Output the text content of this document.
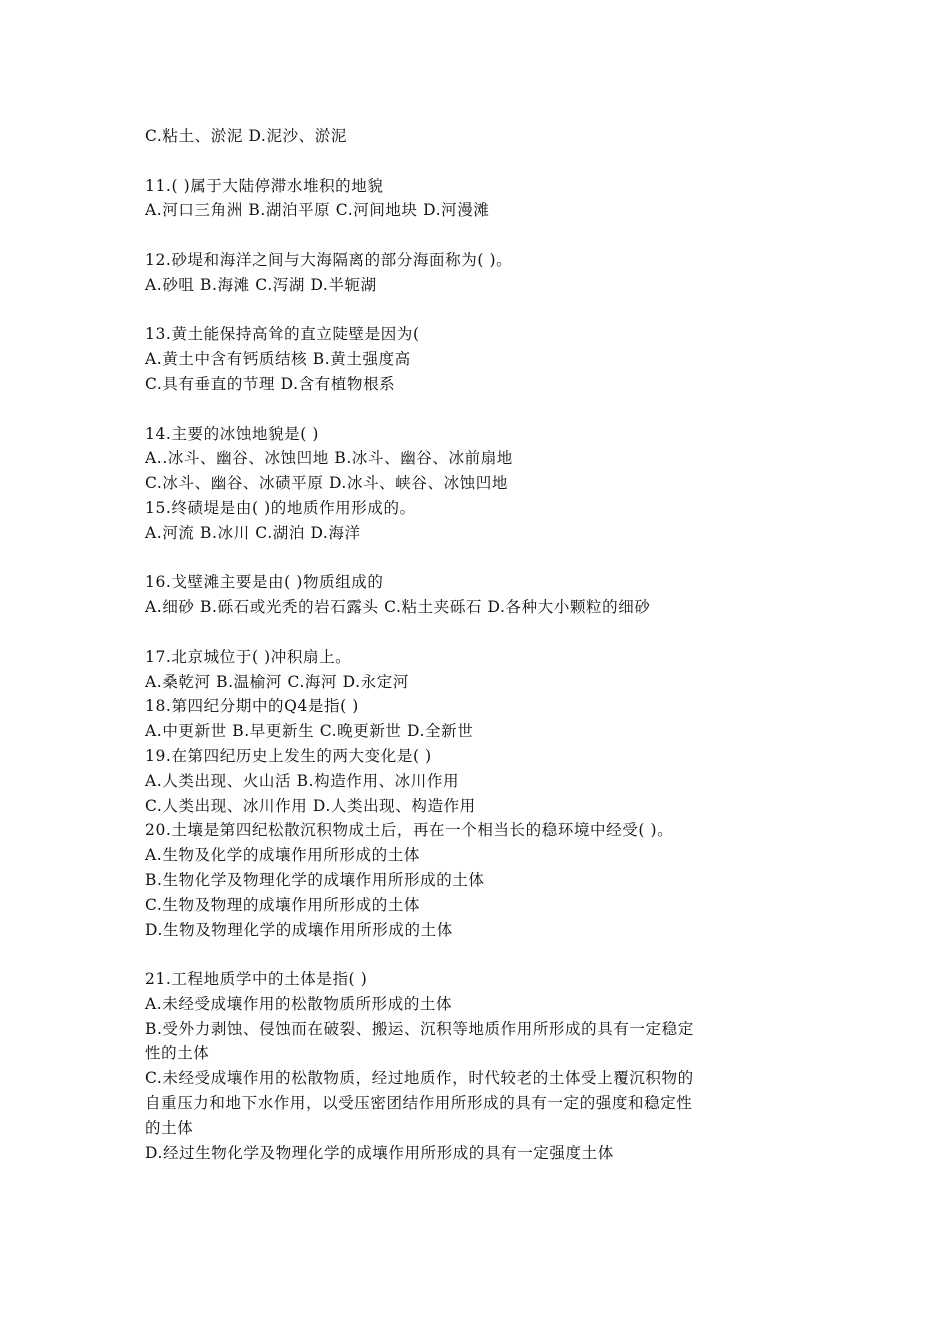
C.粘土、淤泥 D.泥沙、淤泥
11.( )属于大陆停滞水堆积的地貌
A.河口三角洲 B.湖泊平原 C.河间地块 D.河漫滩
12.砂堤和海洋之间与大海隔离的部分海面称为( )。
A.砂咀 B.海滩 C.泻湖 D.半轭湖
13.黄土能保持高耸的直立陡壁是因为(
A.黄土中含有钙质结核 B.黄土强度高
C.具有垂直的节理 D.含有植物根系
14.主要的冰蚀地貌是( )
A..冰斗、幽谷、冰蚀凹地 B.冰斗、幽谷、冰前扇地
C.冰斗、幽谷、冰碛平原 D.冰斗、峡谷、冰蚀凹地
15.终碛堤是由( )的地质作用形成的。
A.河流 B.冰川 C.湖泊 D.海洋
16.戈壁滩主要是由( )物质组成的
A.细砂 B.砾石或光秃的岩石露头 C.粘土夹砾石 D.各种大小颗粒的细砂
17.北京城位于( )冲积扇上。
A.桑乾河 B.温榆河 C.海河 D.永定河
18.第四纪分期中的Q4是指( )
A.中更新世 B.早更新生 C.晚更新世 D.全新世
19.在第四纪历史上发生的两大变化是( )
A.人类出现、火山活 B.构造作用、冰川作用
C.人类出现、冰川作用 D.人类出现、构造作用
20.土壤是第四纪松散沉积物成土后，再在一个相当长的稳环境中经受( )。
A.生物及化学的成壤作用所形成的土体
B.生物化学及物理化学的成壤作用所形成的土体
C.生物及物理的成壤作用所形成的土体
D.生物及物理化学的成壤作用所形成的土体
21.工程地质学中的土体是指( )
A.未经受成壤作用的松散物质所形成的土体
B.受外力剥蚀、侵蚀而在破裂、搬运、沉积等地质作用所形成的具有一定稳定
性的土体
C.未经受成壤作用的松散物质，经过地质作，时代较老的土体受上覆沉积物的
自重压力和地下水作用，以受压密团结作用所形成的具有一定的强度和稳定性
的土体
D.经过生物化学及物理化学的成壤作用所形成的具有一定强度土体
